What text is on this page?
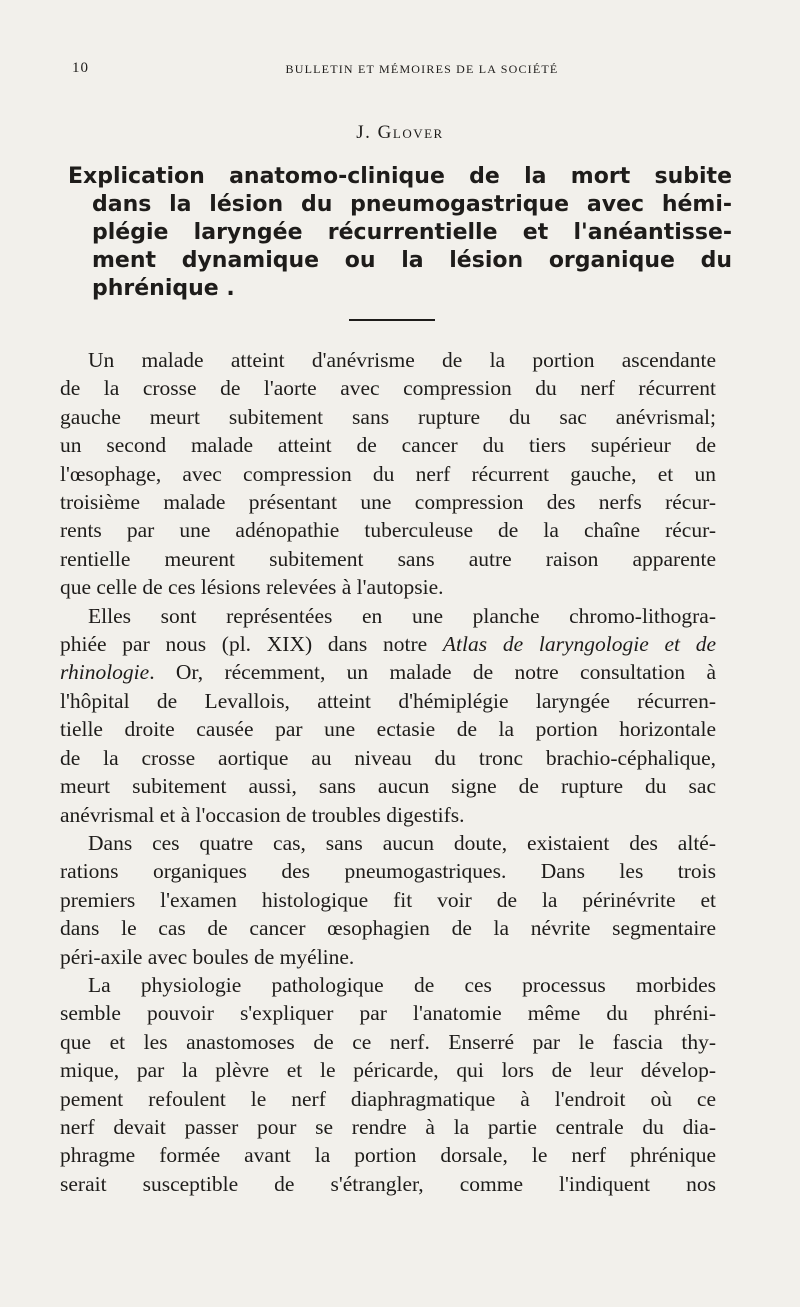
10	BULLETIN ET MÉMOIRES DE LA SOCIÉTÉ
J. Glover
Explication anatomo-clinique de la mort subite
dans la lésion du pneumogastrique avec hémi-
plégie laryngée récurrentielle et l'anéantisse-
ment dynamique ou la lésion organique du
phrénique .
Un malade atteint d'anévrisme de la portion ascendante
de la crosse de l'aorte avec compression du nerf récurrent
gauche meurt subitement sans rupture du sac anévrismal;
un second malade atteint de cancer du tiers supérieur de
l'œsophage, avec compression du nerf récurrent gauche, et un
troisième malade présentant une compression des nerfs récur-
rents par une adénopathie tuberculeuse de la chaîne récur-
rentielle meurent subitement sans autre raison apparente
que celle de ces lésions relevées à l'autopsie.
Elles sont représentées en une planche chromo-lithogra-
phiée par nous (pl. XIX) dans notre Atlas de laryngologie et de
rhinologie. Or, récemment, un malade de notre consultation à
l'hôpital de Levallois, atteint d'hémiplégie laryngée récurren-
tielle droite causée par une ectasie de la portion horizontale
de la crosse aortique au niveau du tronc brachio-céphalique,
meurt subitement aussi, sans aucun signe de rupture du sac
anévrismal et à l'occasion de troubles digestifs.
Dans ces quatre cas, sans aucun doute, existaient des alté-
rations organiques des pneumogastriques. Dans les trois
premiers l'examen histologique fit voir de la périnévrite et
dans le cas de cancer œsophagien de la névrite segmentaire
péri-axile avec boules de myéline.
La physiologie pathologique de ces processus morbides
semble pouvoir s'expliquer par l'anatomie même du phréni-
que et les anastomoses de ce nerf. Enserré par le fascia thy-
mique, par la plèvre et le péricarde, qui lors de leur dévelop-
pement refoulent le nerf diaphragmatique à l'endroit où ce
nerf devait passer pour se rendre à la partie centrale du dia-
phragme formée avant la portion dorsale, le nerf phrénique
serait susceptible de s'étrangler, comme l'indiquent nos
